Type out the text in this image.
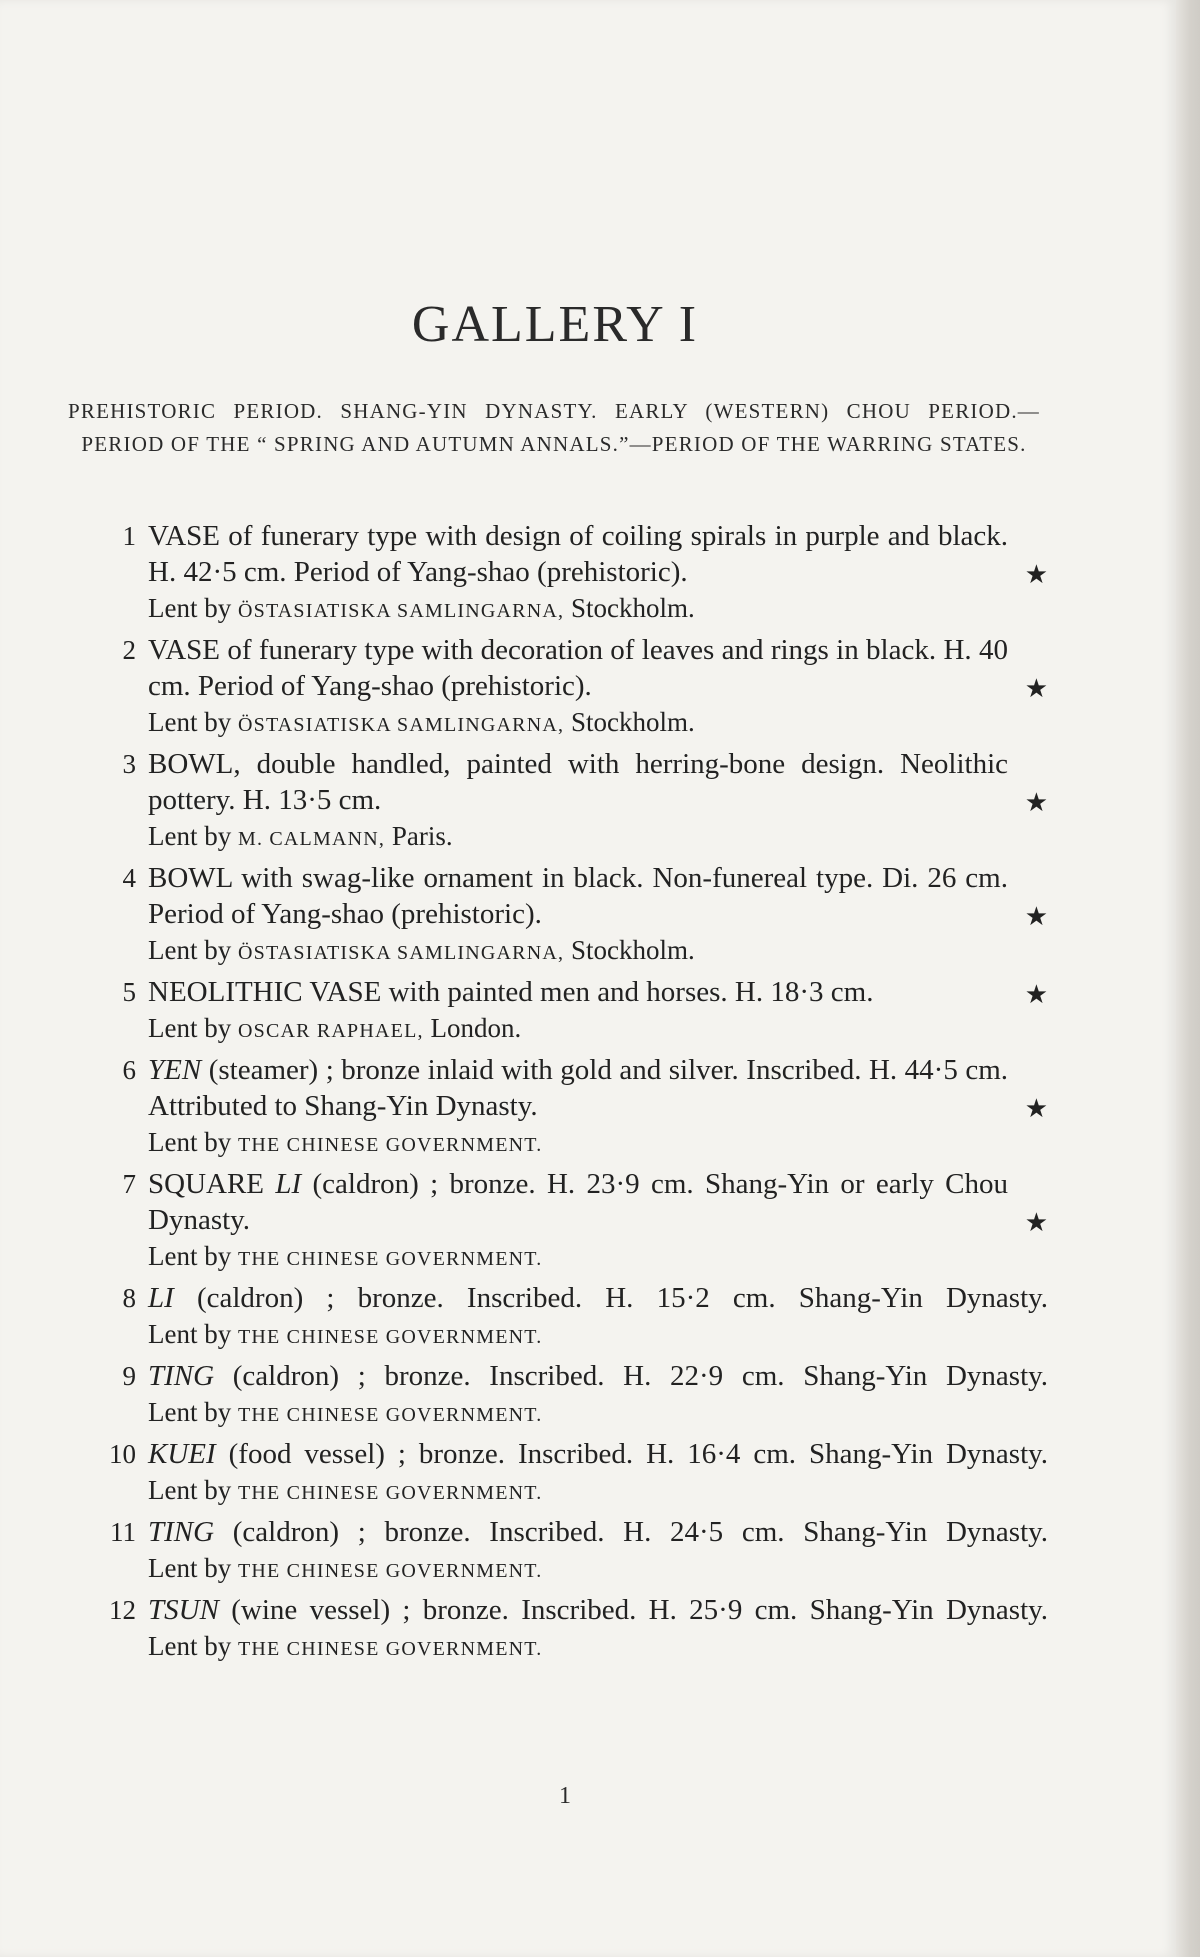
GALLERY I

PREHISTORIC PERIOD. SHANG-YIN DYNASTY. EARLY (WESTERN) CHOU PERIOD.—PERIOD OF THE “ SPRING AND AUTUMN ANNALS.”—PERIOD OF THE WARRING STATES.

1 VASE of funerary type with design of coiling spirals in purple and black. H. 42·5 cm. Period of Yang-shao (prehistoric).
Lent by ÖSTASIATISKA SAMLINGARNA, Stockholm.
★
2 VASE of funerary type with decoration of leaves and rings in black. H. 40 cm. Period of Yang-shao (prehistoric).
Lent by ÖSTASIATISKA SAMLINGARNA, Stockholm.
★
3 BOWL, double handled, painted with herring-bone design. Neolithic pottery. H. 13·5 cm.
Lent by M. CALMANN, Paris.
★
4 BOWL with swag-like ornament in black. Non-funereal type. Di. 26 cm. Period of Yang-shao (prehistoric).
Lent by ÖSTASIATISKA SAMLINGARNA, Stockholm.
★
5 NEOLITHIC VASE with painted men and horses. H. 18·3 cm.
Lent by OSCAR RAPHAEL, London.
★
6 YEN (steamer) ; bronze inlaid with gold and silver. Inscribed. H. 44·5 cm. Attributed to Shang-Yin Dynasty.
Lent by THE CHINESE GOVERNMENT.
★
7 SQUARE LI (caldron) ; bronze. H. 23·9 cm. Shang-Yin or early Chou Dynasty.
Lent by THE CHINESE GOVERNMENT.
★
8 LI (caldron) ; bronze. Inscribed. H. 15·2 cm. Shang-Yin Dynasty.
Lent by THE CHINESE GOVERNMENT.
9 TING (caldron) ; bronze. Inscribed. H. 22·9 cm. Shang-Yin Dynasty.
Lent by THE CHINESE GOVERNMENT.
10 KUEI (food vessel) ; bronze. Inscribed. H. 16·4 cm. Shang-Yin Dynasty.
Lent by THE CHINESE GOVERNMENT.
11 TING (caldron) ; bronze. Inscribed. H. 24·5 cm. Shang-Yin Dynasty.
Lent by THE CHINESE GOVERNMENT.
12 TSUN (wine vessel) ; bronze. Inscribed. H. 25·9 cm. Shang-Yin Dynasty.
Lent by THE CHINESE GOVERNMENT.
1
